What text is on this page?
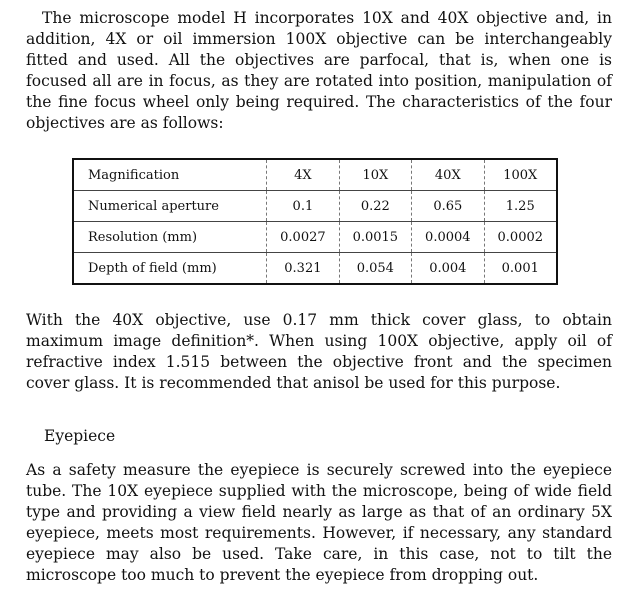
The microscope model H incorporates 10X and 40X objective and, in addition, 4X or oil immersion 100X objective can be interchangeably fitted and used. All the objectives are parfocal, that is, when one is focused all are in focus, as they are rotated into position, manipulation of the fine focus wheel only being required. The characteristics of the four objectives are as follows:

Magnification	4X	10X	40X	100X
Numerical aperture	0.1	0.22	0.65	1.25
Resolution (mm)	0.0027	0.0015	0.0004	0.0002
Depth of field (mm)	0.321	0.054	0.004	0.001

With the 40X objective, use 0.17 mm thick cover glass, to obtain maximum image definition*. When using 100X objective, apply oil of refractive index 1.515 between the objective front and the specimen cover glass. It is recommended that anisol be used for this purpose.

Eyepiece

As a safety measure the eyepiece is securely screwed into the eyepiece tube. The 10X eyepiece supplied with the microscope, being of wide field type and providing a view field nearly as large as that of an ordinary 5X eyepiece, meets most requirements. However, if necessary, any standard eyepiece may also be used. Take care, in this case, not to tilt the microscope too much to prevent the eyepiece from dropping out.
